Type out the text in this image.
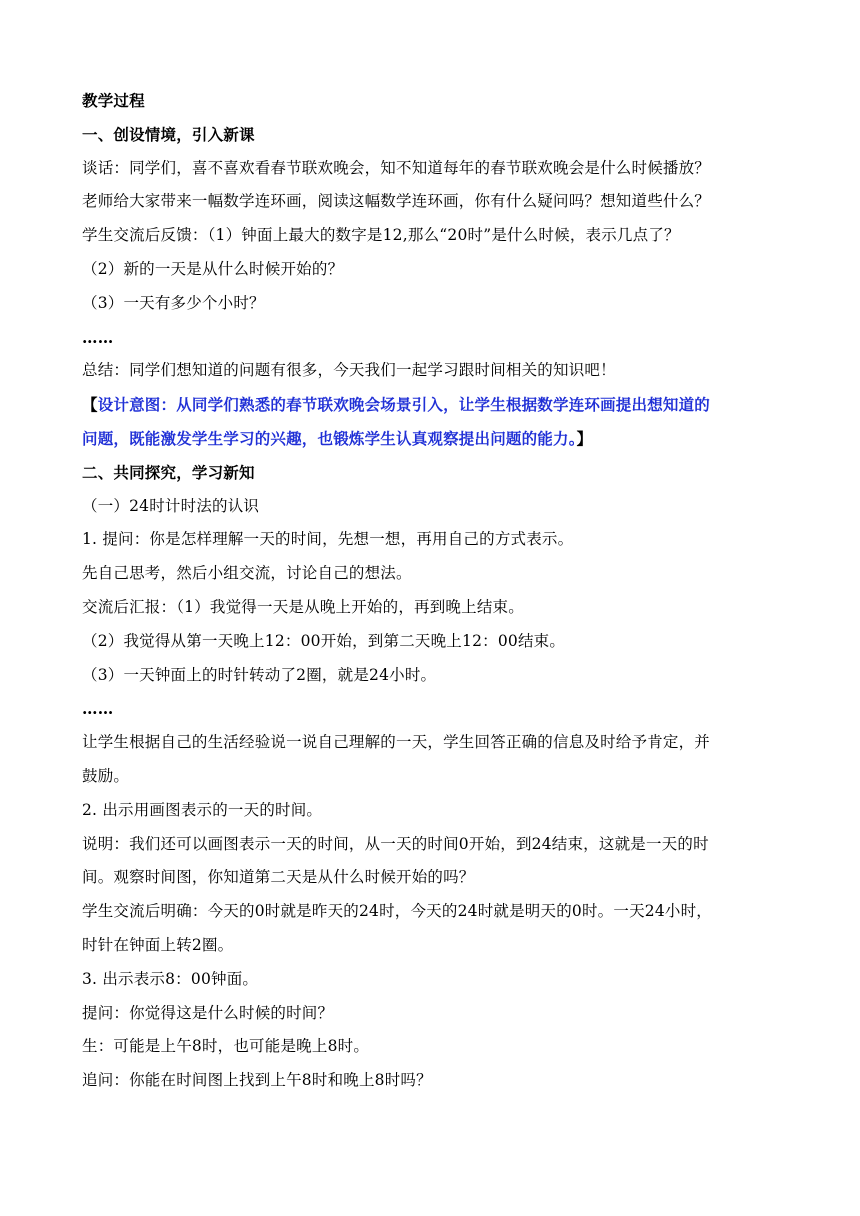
教学过程
一、创设情境，引入新课
谈话：同学们，喜不喜欢看春节联欢晚会，知不知道每年的春节联欢晚会是什么时候播放？
老师给大家带来一幅数学连环画，阅读这幅数学连环画，你有什么疑问吗？想知道些什么？
学生交流后反馈：（1）钟面上最大的数字是12,那么“20时”是什么时候，表示几点了？
（2）新的一天是从什么时候开始的？
（3）一天有多少个小时？
……
总结：同学们想知道的问题有很多，今天我们一起学习跟时间相关的知识吧！
【设计意图：从同学们熟悉的春节联欢晚会场景引入，让学生根据数学连环画提出想知道的
问题，既能激发学生学习的兴趣，也锻炼学生认真观察提出问题的能力。】
二、共同探究，学习新知
（一）24时计时法的认识
1. 提问：你是怎样理解一天的时间，先想一想，再用自己的方式表示。
先自己思考，然后小组交流，讨论自己的想法。
交流后汇报：（1）我觉得一天是从晚上开始的，再到晚上结束。
（2）我觉得从第一天晚上12：00开始，到第二天晚上12：00结束。
（3）一天钟面上的时针转动了2圈，就是24小时。
……
让学生根据自己的生活经验说一说自己理解的一天，学生回答正确的信息及时给予肯定，并
鼓励。
2. 出示用画图表示的一天的时间。
说明：我们还可以画图表示一天的时间，从一天的时间0开始，到24结束，这就是一天的时
间。观察时间图，你知道第二天是从什么时候开始的吗？
学生交流后明确：今天的0时就是昨天的24时，今天的24时就是明天的0时。一天24小时，
时针在钟面上转2圈。
3. 出示表示8：00钟面。
提问：你觉得这是什么时候的时间？
生：可能是上午8时，也可能是晚上8时。
追问：你能在时间图上找到上午8时和晚上8时吗？
